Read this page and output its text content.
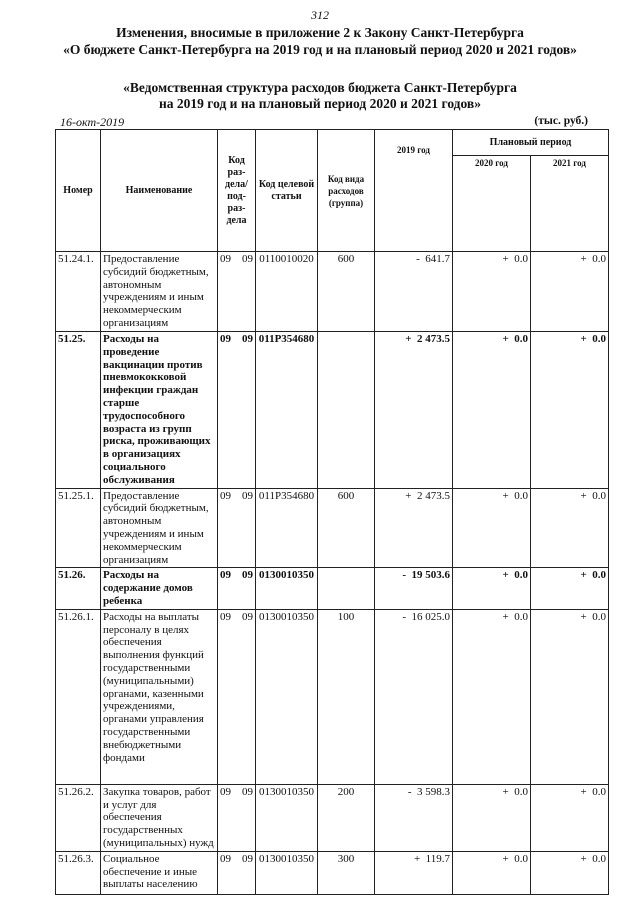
312
Изменения, вносимые в приложение 2 к Закону Санкт-Петербурга
«О бюджете Санкт-Петербурга на 2019 год и на плановый период 2020 и 2021 годов»
«Ведомственная структура расходов бюджета Санкт-Петербурга
на 2019 год и на плановый период 2020 и 2021 годов»
16-окт-2019	(тыс. руб.)
Номер	Наименование	Код раз-дела/ под-раз-дела	Код целевой статьи	Код вида расходов (группа)	2019 год	Плановый период	
						2020 год	2021 год
51.24.1.	Предоставление субсидий бюджетным, автономным учреждениям и иным некоммерческим организациям	09 09	0110010020	600	- 641.7	+ 0.0	+ 0.0

51.25.	Расходы на проведение вакцинации против пневмококковой инфекции граждан старше трудоспособного возраста из групп риска, проживающих в организациях социального обслуживания	09 09	011P354680		+ 2 473.5	+ 0.0	+ 0.0

51.25.1.	Предоставление субсидий бюджетным, автономным учреждениям и иным некоммерческим организациям	09 09	011P354680	600	+ 2 473.5	+ 0.0	+ 0.0

51.26.	Расходы на содержание домов ребенка	09 09	0130010350		- 19 503.6	+ 0.0	+ 0.0

51.26.1.	Расходы на выплаты персоналу в целях обеспечения выполнения функций государственными (муниципальными) органами, казенными учреждениями, органами управления государственными внебюджетными фондами	09 09	0130010350	100	- 16 025.0	+ 0.0	+ 0.0

51.26.2.	Закупка товаров, работ и услуг для обеспечения государственных (муниципальных) нужд	09 09	0130010350	200	- 3 598.3	+ 0.0	+ 0.0

51.26.3.	Социальное обеспечение и иные выплаты населению	09 09	0130010350	300	+ 119.7	+ 0.0	+ 0.0
